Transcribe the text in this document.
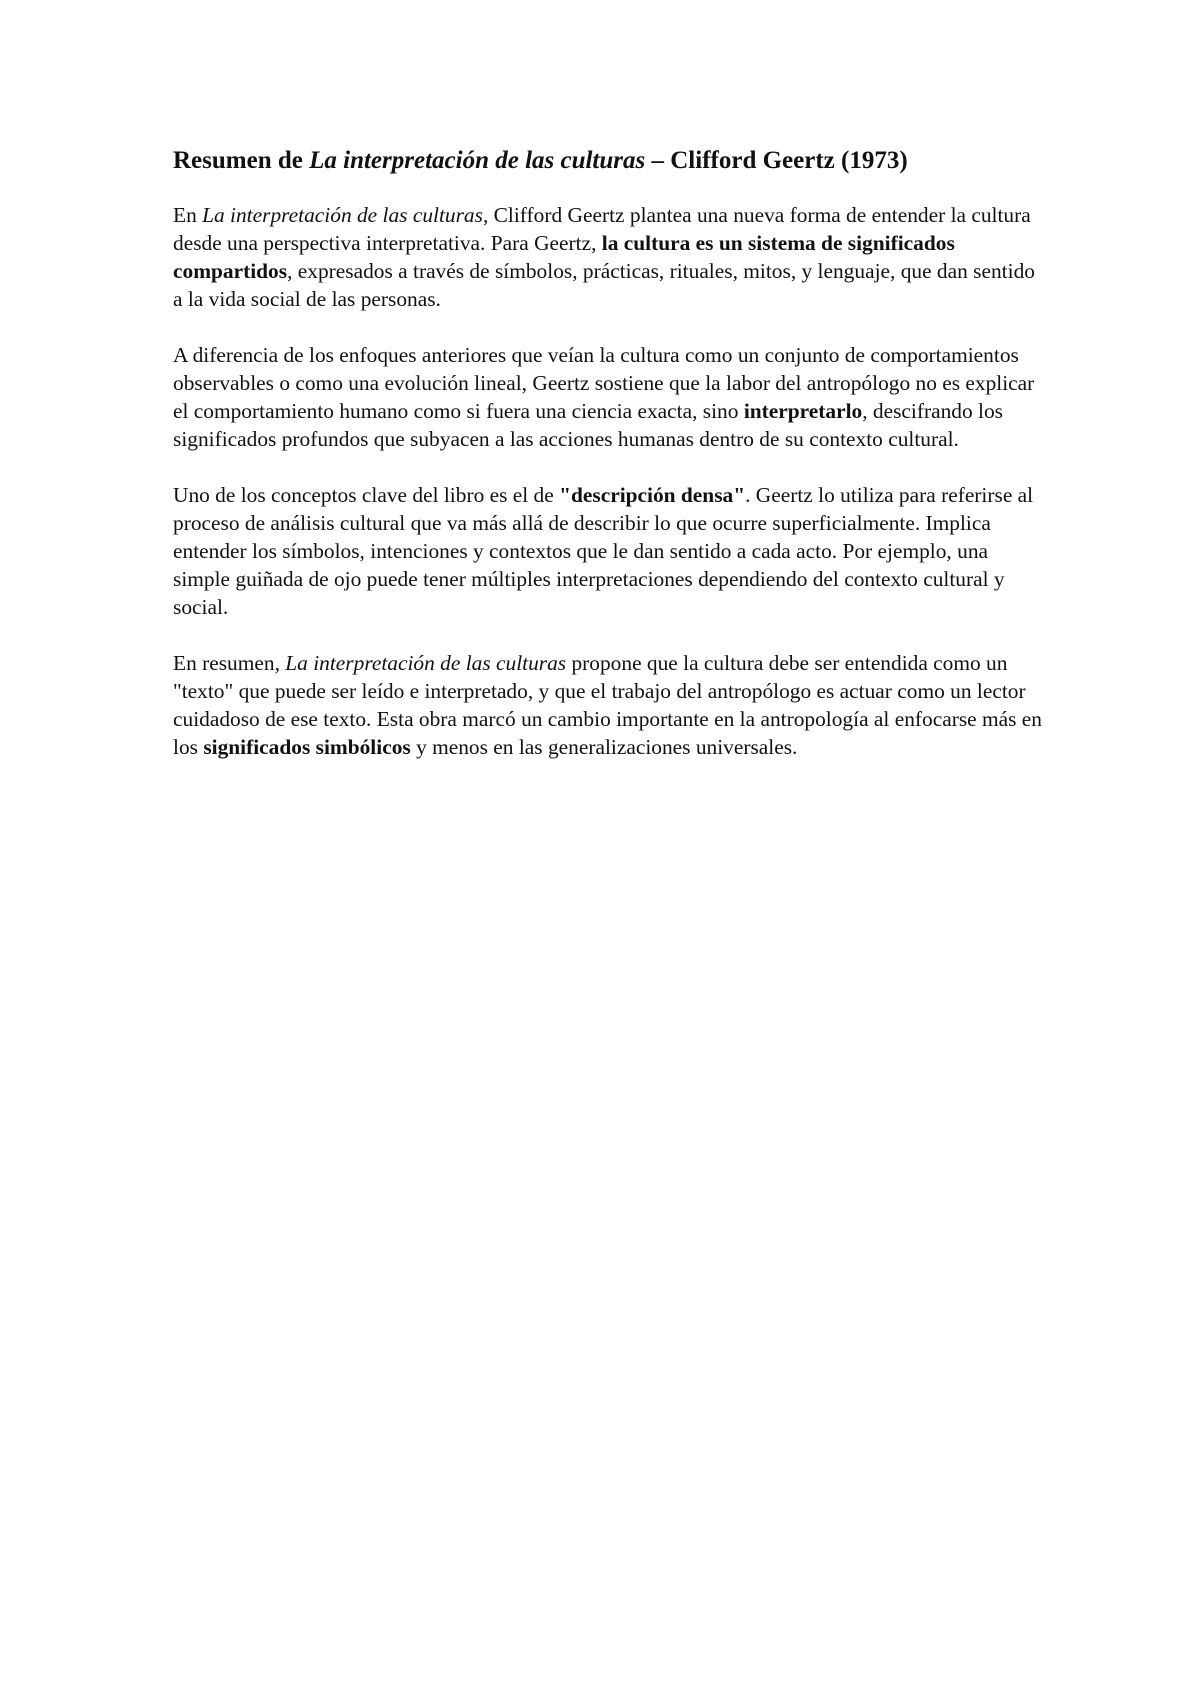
Resumen de La interpretación de las culturas – Clifford Geertz (1973)

En La interpretación de las culturas, Clifford Geertz plantea una nueva forma de entender la cultura desde una perspectiva interpretativa. Para Geertz, la cultura es un sistema de significados compartidos, expresados a través de símbolos, prácticas, rituales, mitos, y lenguaje, que dan sentido a la vida social de las personas.

A diferencia de los enfoques anteriores que veían la cultura como un conjunto de comportamientos observables o como una evolución lineal, Geertz sostiene que la labor del antropólogo no es explicar el comportamiento humano como si fuera una ciencia exacta, sino interpretarlo, descifrando los significados profundos que subyacen a las acciones humanas dentro de su contexto cultural.

Uno de los conceptos clave del libro es el de "descripción densa". Geertz lo utiliza para referirse al proceso de análisis cultural que va más allá de describir lo que ocurre superficialmente. Implica entender los símbolos, intenciones y contextos que le dan sentido a cada acto. Por ejemplo, una simple guiñada de ojo puede tener múltiples interpretaciones dependiendo del contexto cultural y social.

En resumen, La interpretación de las culturas propone que la cultura debe ser entendida como un "texto" que puede ser leído e interpretado, y que el trabajo del antropólogo es actuar como un lector cuidadoso de ese texto. Esta obra marcó un cambio importante en la antropología al enfocarse más en los significados simbólicos y menos en las generalizaciones universales.
